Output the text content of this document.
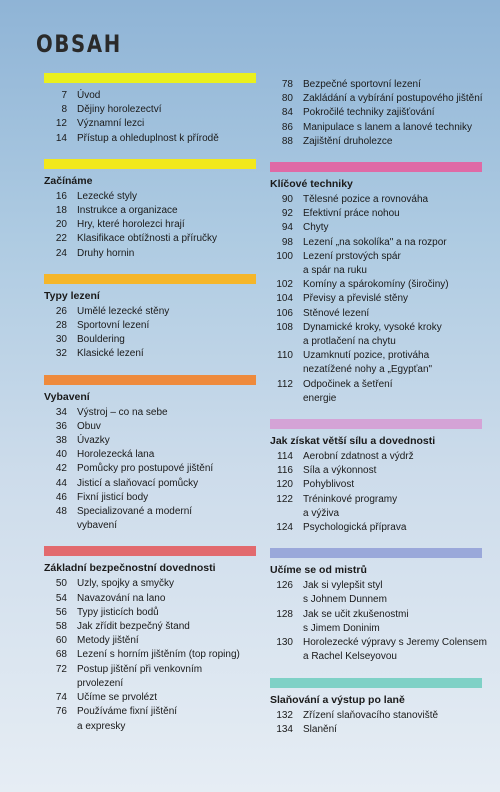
OBSAH
7 Úvod
8 Dějiny horolezectví
12 Významní lezci
14 Přístup a ohleduplnost k přírodě
Začínáme
16 Lezecké styly
18 Instrukce a organizace
20 Hry, které horolezci hrají
22 Klasifikace obtížnosti a příručky
24 Druhy hornin
Typy lezení
26 Umělé lezecké stěny
28 Sportovní lezení
30 Bouldering
32 Klasické lezení
Vybavení
34 Výstroj – co na sebe
36 Obuv
38 Úvazky
40 Horolezecká lana
42 Pomůcky pro postupové jištění
44 Jisticí a slaňovací pomůcky
46 Fixní jisticí body
48 Specializované a moderní
vybavení
Základní bezpečnostní dovednosti
50 Uzly, spojky a smyčky
54 Navazování na lano
56 Typy jisticích bodů
58 Jak zřídit bezpečný štand
60 Metody jištění
68 Lezení s horním jištěním (top roping)
72 Postup jištění při venkovním
prvolezení
74 Učíme se prvolézt
76 Používáme fixní jištění
a expresky
78 Bezpečné sportovní lezení
80 Zakládání a vybírání postupového jištění
84 Pokročilé techniky zajišťování
86 Manipulace s lanem a lanové techniky
88 Zajištění druholezce
Klíčové techniky
90 Tělesné pozice a rovnováha
92 Efektivní práce nohou
94 Chyty
98 Lezení „na sokolíka" a na rozpor
100 Lezení prstových spár
a spár na ruku
102 Komíny a spárokomíny (širočiny)
104 Převisy a převislé stěny
106 Stěnové lezení
108 Dynamické kroky, vysoké kroky
a protlačení na chytu
110 Uzamknutí pozice, protiváha
nezatížené nohy a „Egypťan"
112 Odpočinek a šetření
energie
Jak získat větší sílu a dovednosti
114 Aerobní zdatnost a výdrž
116 Síla a výkonnost
120 Pohyblivost
122 Tréninkové programy
a výživa
124 Psychologická příprava
Učíme se od mistrů
126 Jak si vylepšit styl
s Johnem Dunnem
128 Jak se učit zkušenostmi
s Jimem Doninim
130 Horolezecké výpravy s Jeremy Colensem
a Rachel Kelseyovou
Slaňování a výstup po laně
132 Zřízení slaňovacího stanoviště
134 Slanění
